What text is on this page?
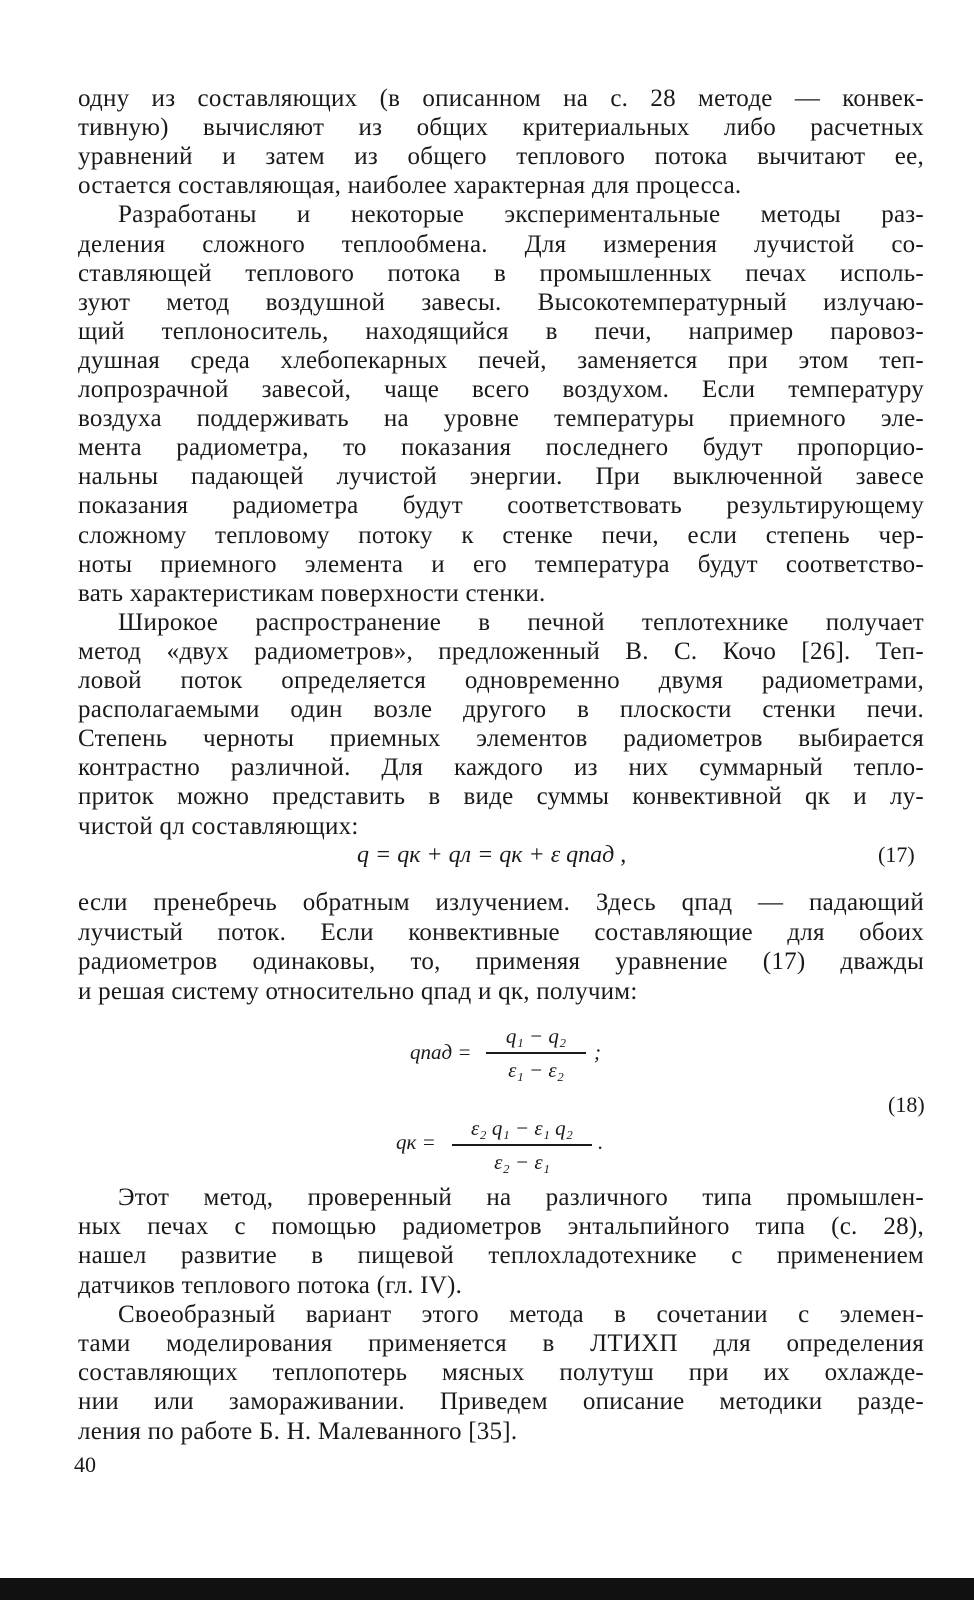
одну из составляющих (в описанном на с. 28 методе — конвек-
тивную) вычисляют из общих критериальных либо расчетных
уравнений и затем из общего теплового потока вычитают ее,
остается составляющая, наиболее характерная для процесса.
Разработаны и некоторые экспериментальные методы раз-
деления сложного теплообмена. Для измерения лучистой со-
ставляющей теплового потока в промышленных печах исполь-
зуют метод воздушной завесы. Высокотемпературный излучаю-
щий теплоноситель, находящийся в печи, например паровоз-
душная среда хлебопекарных печей, заменяется при этом теп-
лопрозрачной завесой, чаще всего воздухом. Если температуру
воздуха поддерживать на уровне температуры приемного эле-
мента радиометра, то показания последнего будут пропорцио-
нальны падающей лучистой энергии. При выключенной завесе
показания радиометра будут соответствовать результирующему
сложному тепловому потоку к стенке печи, если степень чер-
ноты приемного элемента и его температура будут соответство-
вать характеристикам поверхности стенки.
Широкое распространение в печной теплотехнике получает
метод «двух радиометров», предложенный В. С. Кочо [26]. Теп-
ловой поток определяется одновременно двумя радиометрами,
располагаемыми один возле другого в плоскости стенки печи.
Степень черноты приемных элементов радиометров выбирается
контрастно различной. Для каждого из них суммарный тепло-
приток можно представить в виде суммы конвективной qк и лу-
чистой qл составляющих:
q = qк + qл = qк + ε qпад ,	(17)
если пренебречь обратным излучением. Здесь qпад — падающий
лучистый поток. Если конвективные составляющие для обоих
радиометров одинаковы, то, применяя уравнение (17) дважды
и решая систему относительно qпад и qк, получим:
qпад =
q₁ − q₂
ε₁ − ε₂
;
(18)
qк =
ε₂ q₁ − ε₁ q₂
ε₂ − ε₁
.
Этот метод, проверенный на различного типа промышлен-
ных печах с помощью радиометров энтальпийного типа (с. 28),
нашел развитие в пищевой теплохладотехнике с применением
датчиков теплового потока (гл. IV).
Своеобразный вариант этого метода в сочетании с элемен-
тами моделирования применяется в ЛТИХП для определения
составляющих теплопотерь мясных полутуш при их охлажде-
нии или замораживании. Приведем описание методики разде-
ления по работе Б. Н. Малеванного [35].
40
